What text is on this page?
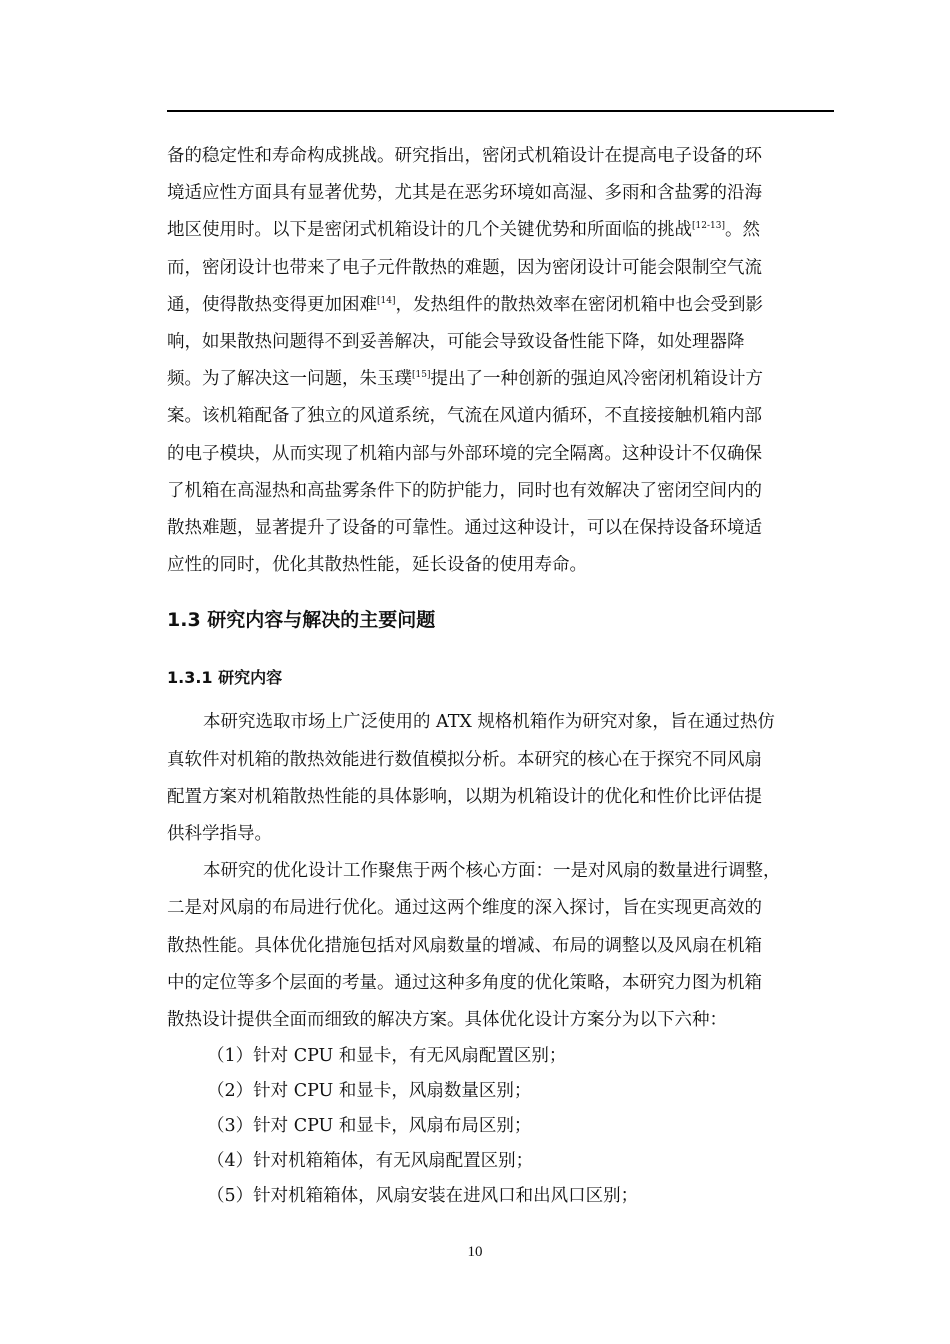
备的稳定性和寿命构成挑战。研究指出，密闭式机箱设计在提高电子设备的环
境适应性方面具有显著优势，尤其是在恶劣环境如高湿、多雨和含盐雾的沿海
地区使用时。以下是密闭式机箱设计的几个关键优势和所面临的挑战[12-13]。然
而，密闭设计也带来了电子元件散热的难题，因为密闭设计可能会限制空气流
通，使得散热变得更加困难[14]，发热组件的散热效率在密闭机箱中也会受到影
响，如果散热问题得不到妥善解决，可能会导致设备性能下降，如处理器降
频。为了解决这一问题，朱玉璞[15]提出了一种创新的强迫风冷密闭机箱设计方
案。该机箱配备了独立的风道系统，气流在风道内循环，不直接接触机箱内部
的电子模块，从而实现了机箱内部与外部环境的完全隔离。这种设计不仅确保
了机箱在高湿热和高盐雾条件下的防护能力，同时也有效解决了密闭空间内的
散热难题，显著提升了设备的可靠性。通过这种设计，可以在保持设备环境适
应性的同时，优化其散热性能，延长设备的使用寿命。

1.3 研究内容与解决的主要问题
1.3.1 研究内容

本研究选取市场上广泛使用的 ATX 规格机箱作为研究对象，旨在通过热仿
真软件对机箱的散热效能进行数值模拟分析。本研究的核心在于探究不同风扇
配置方案对机箱散热性能的具体影响，以期为机箱设计的优化和性价比评估提
供科学指导。

本研究的优化设计工作聚焦于两个核心方面：一是对风扇的数量进行调整，
二是对风扇的布局进行优化。通过这两个维度的深入探讨，旨在实现更高效的
散热性能。具体优化措施包括对风扇数量的增减、布局的调整以及风扇在机箱
中的定位等多个层面的考量。通过这种多角度的优化策略，本研究力图为机箱
散热设计提供全面而细致的解决方案。具体优化设计方案分为以下六种：

（1）针对 CPU 和显卡，有无风扇配置区别；
（2）针对 CPU 和显卡，风扇数量区别；
（3）针对 CPU 和显卡，风扇布局区别；
（4）针对机箱箱体，有无风扇配置区别；
（5）针对机箱箱体，风扇安装在进风口和出风口区别；
10
